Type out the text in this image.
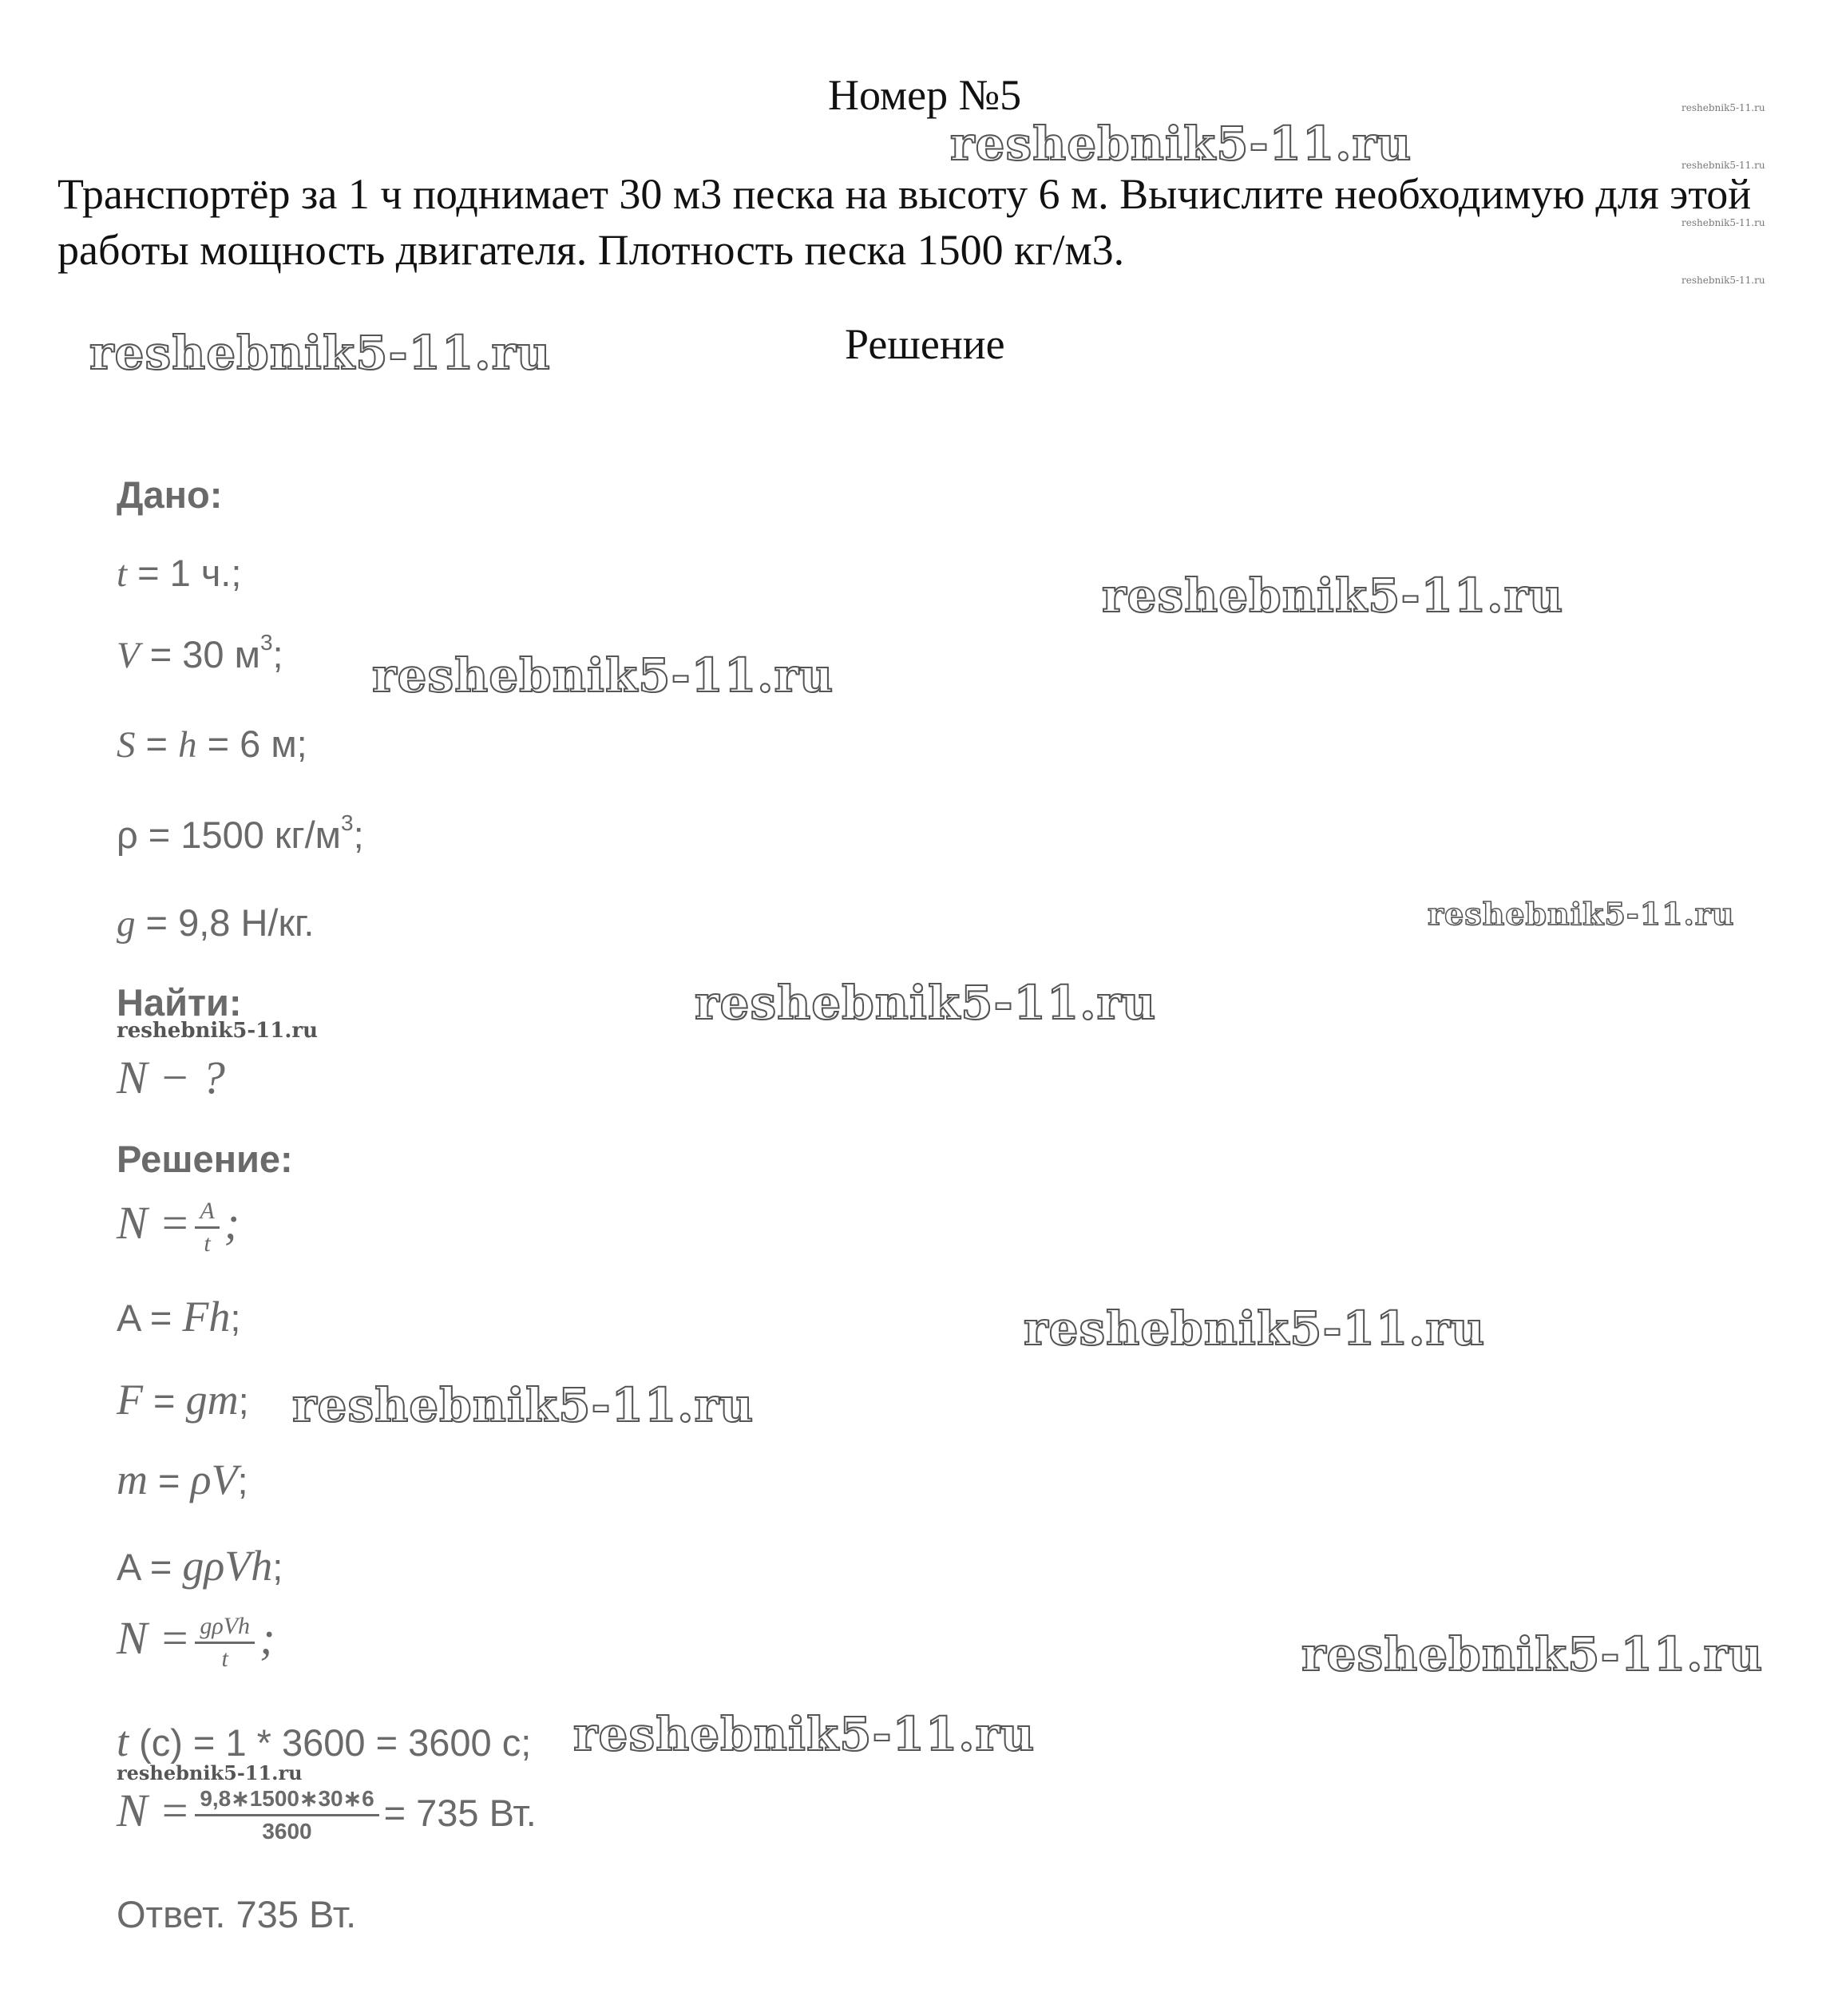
Номер №5
Транспортёр за 1 ч поднимает 30 м3 песка на высоту 6 м. Вычислите необходимую для этой работы мощность двигателя. Плотность песка 1500 кг/м3.
Решение
Дано:
t = 1 ч.;
V = 30 $м^3$;
S = h = 6 м;
ρ = 1500 $кг/м^3$;
g = 9,8 Н/кг.
Найти:
N − ?
Решение:
$N = \frac{A}{t}$ ;
A = Fh;
F = gm;
m = ρV;
A = gρVh;
$N = \frac{\text{gρVh}}{t}$ ;
t (с) = 1 * 3600 = 3600 с;
$N = \frac{9,8∗1500∗30∗6}{3600} = 735$ Вт.
Ответ. 735 Вт.
reshebnik5-11.ru
reshebnik5-11.ru
reshebnik5-11.ru
reshebnik5-11.ru
reshebnik5-11.ru
reshebnik5-11.ru
reshebnik5-11.ru
reshebnik5-11.ru
reshebnik5-11.ru
reshebnik5-11.ru
reshebnik5-11.ru
reshebnik5-11.ru
reshebnik5-11.ru
reshebnik5-11.ru
reshebnik5-11.ru
reshebnik5-11.ru
